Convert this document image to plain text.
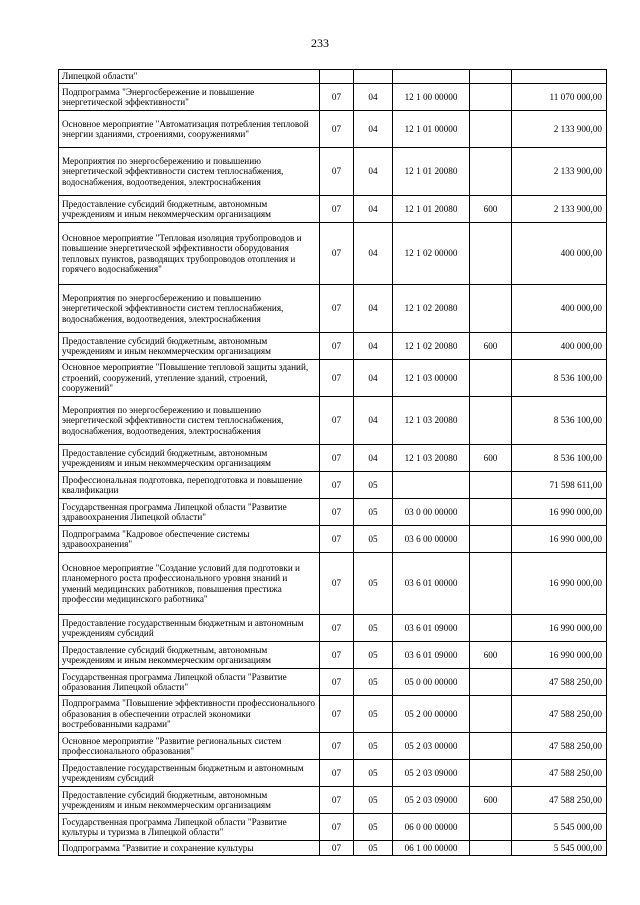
233
Липецкой области"					
Подпрограмма "Энергосбережение и повышение энергетической эффективности"	07	04	12 1 00 00000		11 070 000,00
Основное мероприятие "Автоматизация потребления тепловой энергии зданиями, строениями, сооружениями"	07	04	12 1 01 00000		2 133 900,00
Мероприятия по энергосбережению и повышению энергетической эффективности систем теплоснабжения, водоснабжения, водоотведения, электроснабжения	07	04	12 1 01 20080		2 133 900,00
Предоставление субсидий бюджетным, автономным учреждениям и иным некоммерческим организациям	07	04	12 1 01 20080	600	2 133 900,00
Основное мероприятие "Тепловая изоляция трубопроводов и повышение энергетической эффективности оборудования тепловых пунктов, разводящих трубопроводов отопления и горячего водоснабжения"	07	04	12 1 02 00000		400 000,00
Мероприятия по энергосбережению и повышению энергетической эффективности систем теплоснабжения, водоснабжения, водоотведения, электроснабжения	07	04	12 1 02 20080		400 000,00
Предоставление субсидий бюджетным, автономным учреждениям и иным некоммерческим организациям	07	04	12 1 02 20080	600	400 000,00
Основное мероприятие "Повышение тепловой защиты зданий, строений, сооружений, утепление зданий, строений, сооружений"	07	04	12 1 03 00000		8 536 100,00
Мероприятия по энергосбережению и повышению энергетической эффективности систем теплоснабжения, водоснабжения, водоотведения, электроснабжения	07	04	12 1 03 20080		8 536 100,00
Предоставление субсидий бюджетным, автономным учреждениям и иным некоммерческим организациям	07	04	12 1 03 20080	600	8 536 100,00
Профессиональная подготовка, переподготовка и повышение квалификации	07	05			71 598 611,00
Государственная программа Липецкой области "Развитие здравоохранения Липецкой области"	07	05	03 0 00 00000		16 990 000,00
Подпрограмма "Кадровое обеспечение системы здравоохранения"	07	05	03 6 00 00000		16 990 000,00
Основное мероприятие "Создание условий для подготовки и планомерного роста профессионального уровня знаний и умений медицинских работников, повышения престижа профессии медицинского работника"	07	05	03 6 01 00000		16 990 000,00
Предоставление государственным бюджетным и автономным учреждениям субсидий	07	05	03 6 01 09000		16 990 000,00
Предоставление субсидий бюджетным, автономным учреждениям и иным некоммерческим организациям	07	05	03 6 01 09000	600	16 990 000,00
Государственная программа Липецкой области "Развитие образования Липецкой области"	07	05	05 0 00 00000		47 588 250,00
Подпрограмма "Повышение эффективности профессионального образования в обеспечении отраслей экономики востребованными кадрами"	07	05	05 2 00 00000		47 588 250,00
Основное мероприятие "Развитие региональных систем профессионального образования"	07	05	05 2 03 00000		47 588 250,00
Предоставление государственным бюджетным и автономным учреждениям субсидий	07	05	05 2 03 09000		47 588 250,00
Предоставление субсидий бюджетным, автономным учреждениям и иным некоммерческим организациям	07	05	05 2 03 09000	600	47 588 250,00
Государственная программа Липецкой области "Развитие культуры и туризма в Липецкой области"	07	05	06 0 00 00000		5 545 000,00
Подпрограмма "Развитие и сохранение культуры	07	05	06 1 00 00000		5 545 000,00
